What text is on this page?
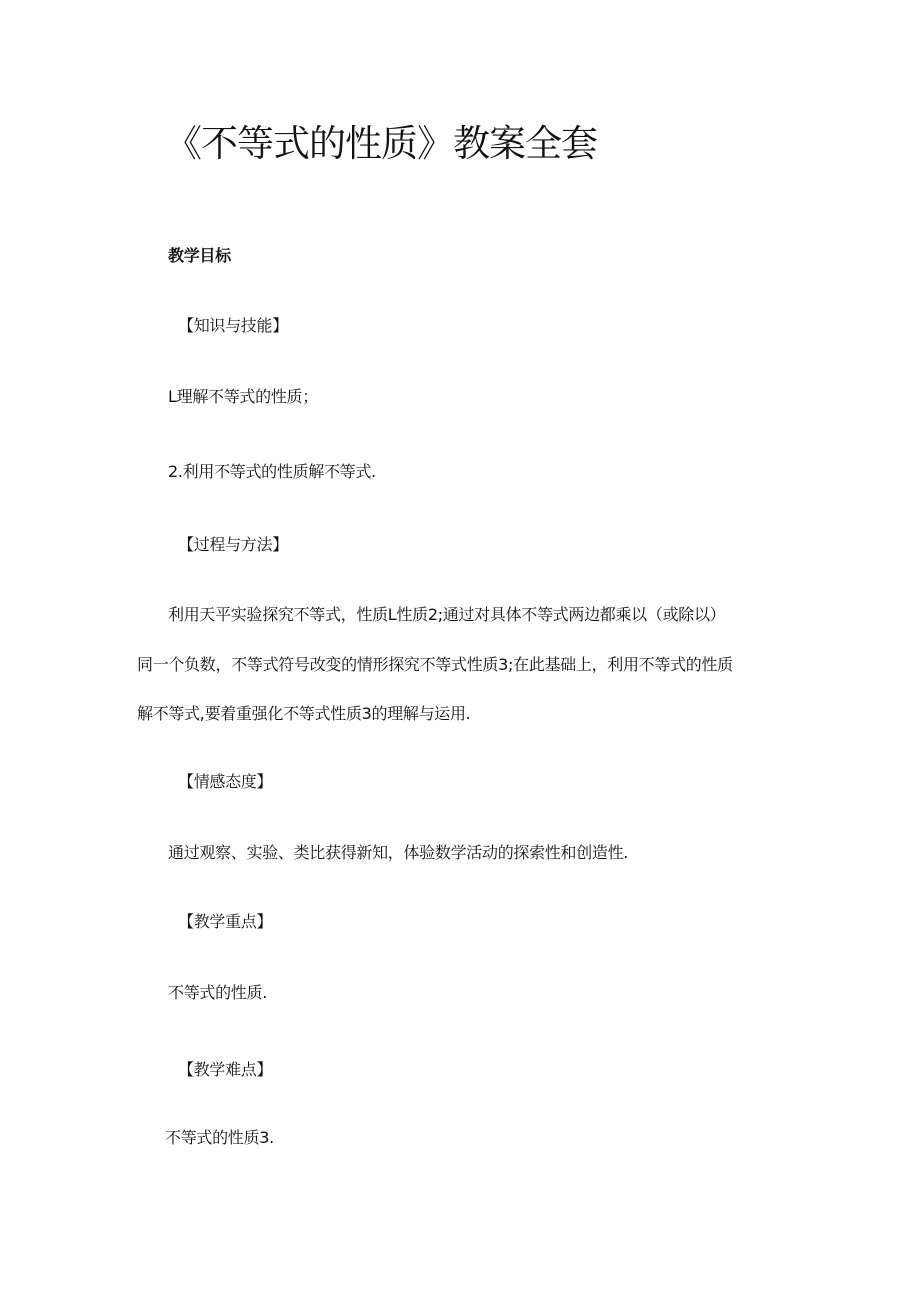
《不等式的性质》教案全套
教学目标
【知识与技能】
L理解不等式的性质；
2.利用不等式的性质解不等式.
【过程与方法】
利用天平实验探究不等式，性质L性质2;通过对具体不等式两边都乘以（或除以）
同一个负数，不等式符号改变的情形探究不等式性质3;在此基础上，利用不等式的性质
解不等式,要着重强化不等式性质3的理解与运用.
【情感态度】
通过观察、实验、类比获得新知，体验数学活动的探索性和创造性.
【教学重点】
不等式的性质.
【教学难点】
不等式的性质3.
